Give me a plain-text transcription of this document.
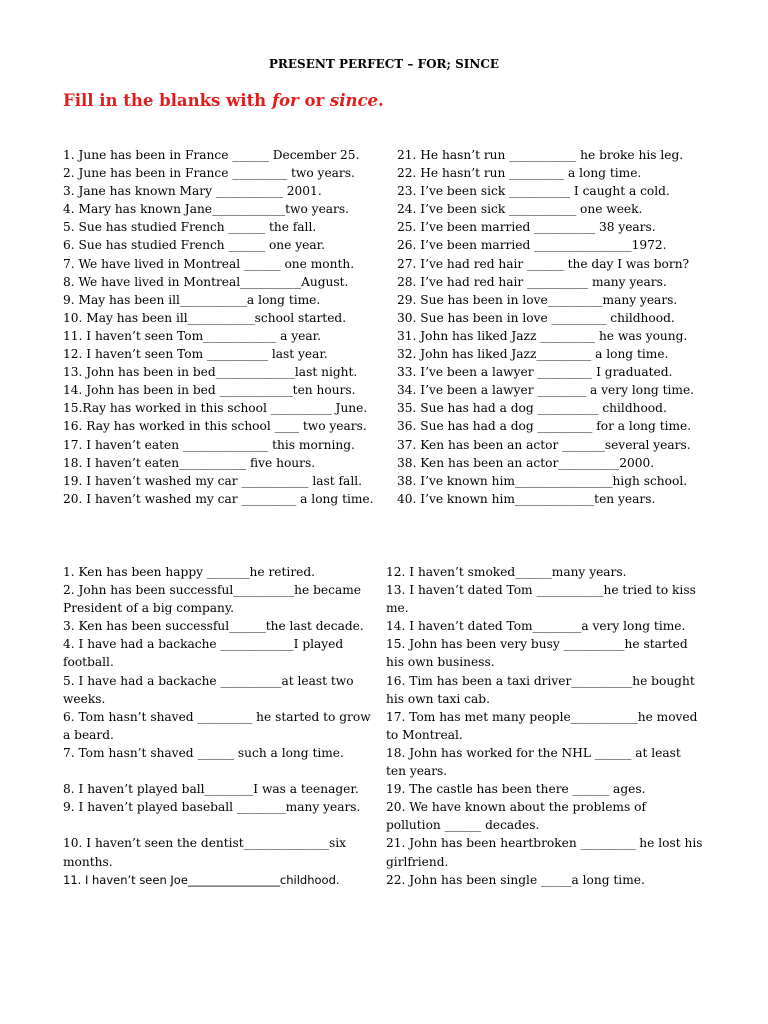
PRESENT PERFECT – FOR; SINCE
Fill in the blanks with for or since.
1. June has been in France ______ December 25.
2. June has been in France _________ two years.
3. Jane has known Mary ___________ 2001.
4. Mary has known Jane____________two years.
5. Sue has studied French ______ the fall.
6. Sue has studied French ______ one year.
7. We have lived in Montreal ______ one month.
8. We have lived in Montreal__________August.
9. May has been ill___________a long time.
10. May has been ill___________school started.
11. I haven’t seen Tom____________ a year.
12. I haven’t seen Tom __________ last year.
13. John has been in bed_____________last night.
14. John has been in bed ____________ten hours.
15.Ray has worked in this school __________ June.
16. Ray has worked in this school ____ two years.
17. I haven’t eaten ______________ this morning.
18. I haven’t eaten___________ five hours.
19. I haven’t washed my car ___________ last fall.
20. I haven’t washed my car _________ a long time.
21. He hasn’t run ___________ he broke his leg.
22. He hasn’t run _________ a long time.
23. I’ve been sick __________ I caught a cold.
24. I’ve been sick ___________ one week.
25. I’ve been married __________ 38 years.
26. I’ve been married ________________1972.
27. I’ve had red hair ______ the day I was born?
28. I’ve had red hair __________ many years.
29. Sue has been in love_________many years.
30. Sue has been in love _________ childhood.
31. John has liked Jazz _________ he was young.
32. John has liked Jazz_________ a long time.
33. I’ve been a lawyer _________ I graduated.
34. I’ve been a lawyer ________ a very long time.
35. Sue has had a dog __________ childhood.
36. Sue has had a dog _________ for a long time.
37. Ken has been an actor _______several years.
38. Ken has been an actor__________2000.
38. I’ve known him________________high school.
40. I’ve known him_____________ten years.
1. Ken has been happy _______he retired.
2. John has been successful__________he became President of a big company.
3. Ken has been successful______the last decade.
4. I have had a backache ____________I played football.
5. I have had a backache __________at least two weeks.
6. Tom hasn’t shaved _________ he started to grow a beard.
7. Tom hasn’t shaved ______ such a long time.
8. I haven’t played ball________I was a teenager.
9. I haven’t played baseball ________many years.
10. I haven’t seen the dentist______________six months.
11. I haven’t seen Joe________________childhood.
12. I haven’t smoked______many years.
13. I haven’t dated Tom ___________he tried to kiss me.
14. I haven’t dated Tom________a very long time.
15. John has been very busy __________he started his own business.
16. Tim has been a taxi driver__________he bought his own taxi cab.
17. Tom has met many people___________he moved to Montreal.
18. John has worked for the NHL ______ at least ten years.
19. The castle has been there ______ ages.
20. We have known about the problems of pollution ______ decades.
21. John has been heartbroken _________ he lost his girlfriend.
22. John has been single _____a long time.
